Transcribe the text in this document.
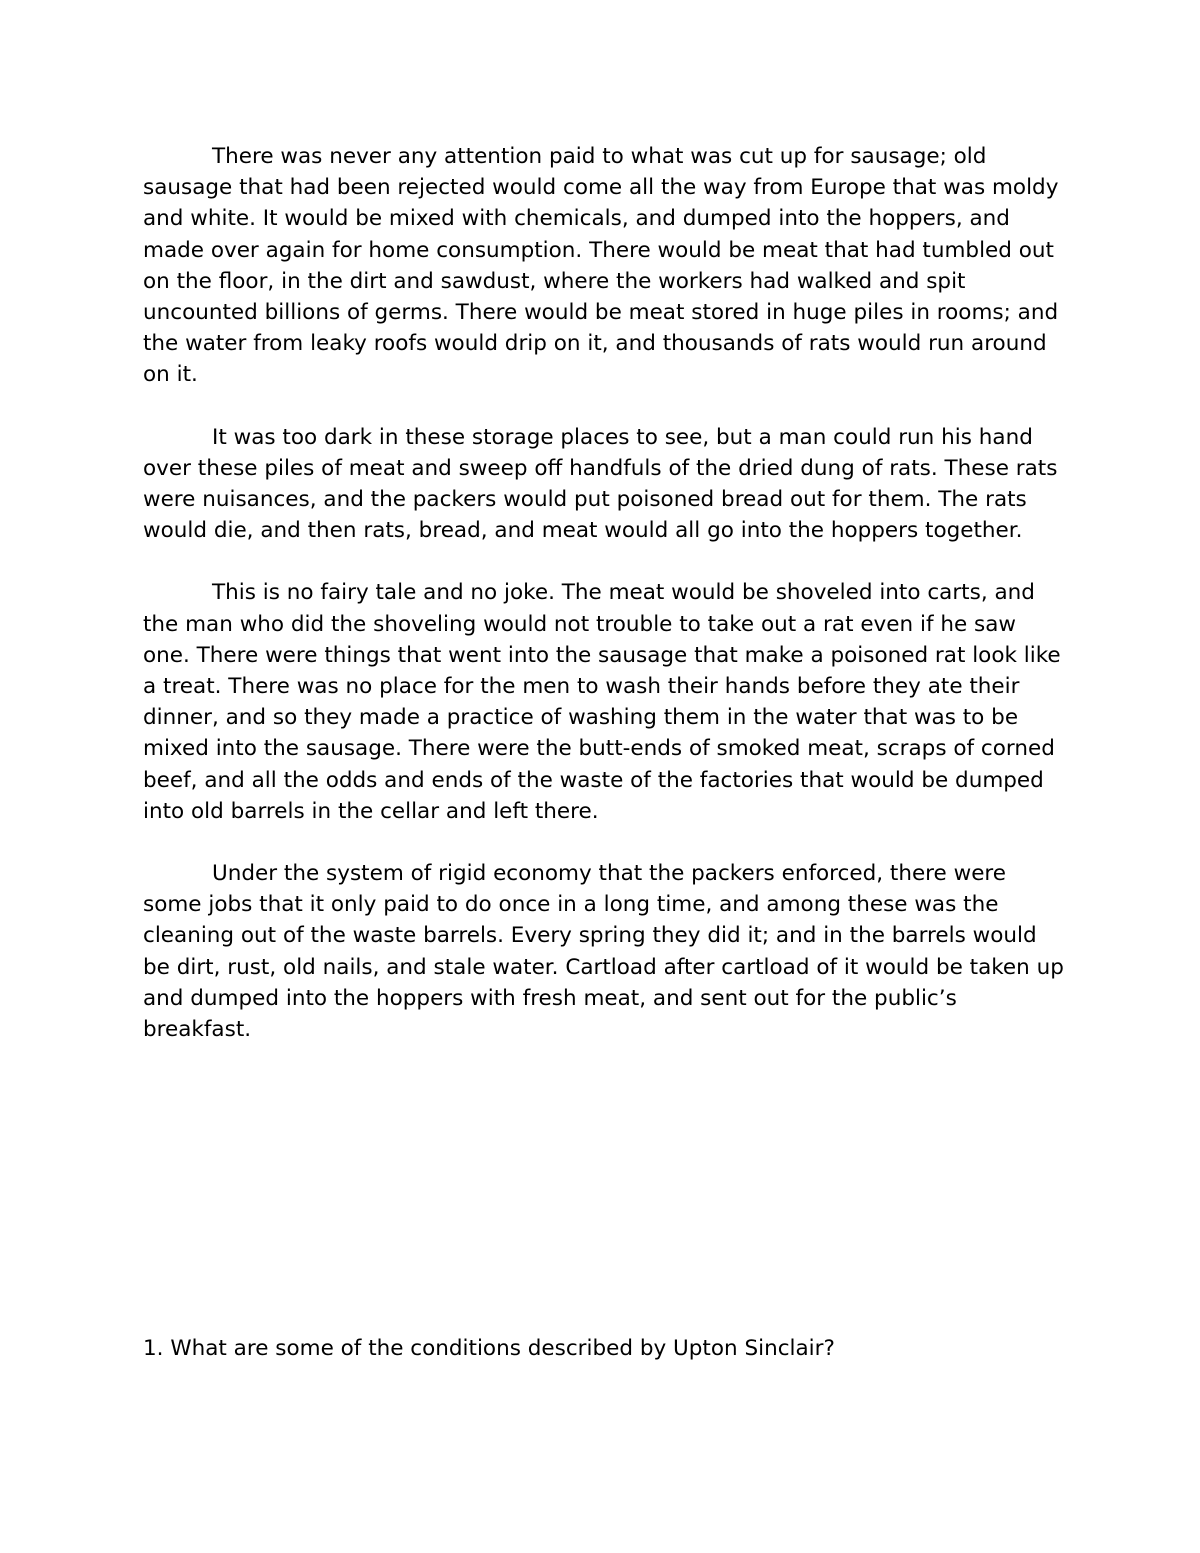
There was never any attention paid to what was cut up for sausage; old sausage that had been rejected would come all the way from Europe that was moldy and white. It would be mixed with chemicals, and dumped into the hoppers, and made over again for home consumption. There would be meat that had tumbled out on the floor, in the dirt and sawdust, where the workers had walked and spit uncounted billions of germs. There would be meat stored in huge piles in rooms; and the water from leaky roofs would drip on it, and thousands of rats would run around on it.

It was too dark in these storage places to see, but a man could run his hand over these piles of meat and sweep off handfuls of the dried dung of rats. These rats were nuisances, and the packers would put poisoned bread out for them. The rats would die, and then rats, bread, and meat would all go into the hoppers together.

This is no fairy tale and no joke. The meat would be shoveled into carts, and the man who did the shoveling would not trouble to take out a rat even if he saw one. There were things that went into the sausage that make a poisoned rat look like a treat. There was no place for the men to wash their hands before they ate their dinner, and so they made a practice of washing them in the water that was to be mixed into the sausage. There were the butt-ends of smoked meat, scraps of corned beef, and all the odds and ends of the waste of the factories that would be dumped into old barrels in the cellar and left there.

Under the system of rigid economy that the packers enforced, there were some jobs that it only paid to do once in a long time, and among these was the cleaning out of the waste barrels. Every spring they did it; and in the barrels would be dirt, rust, old nails, and stale water. Cartload after cartload of it would be taken up and dumped into the hoppers with fresh meat, and sent out for the public’s breakfast.

1. What are some of the conditions described by Upton Sinclair?
